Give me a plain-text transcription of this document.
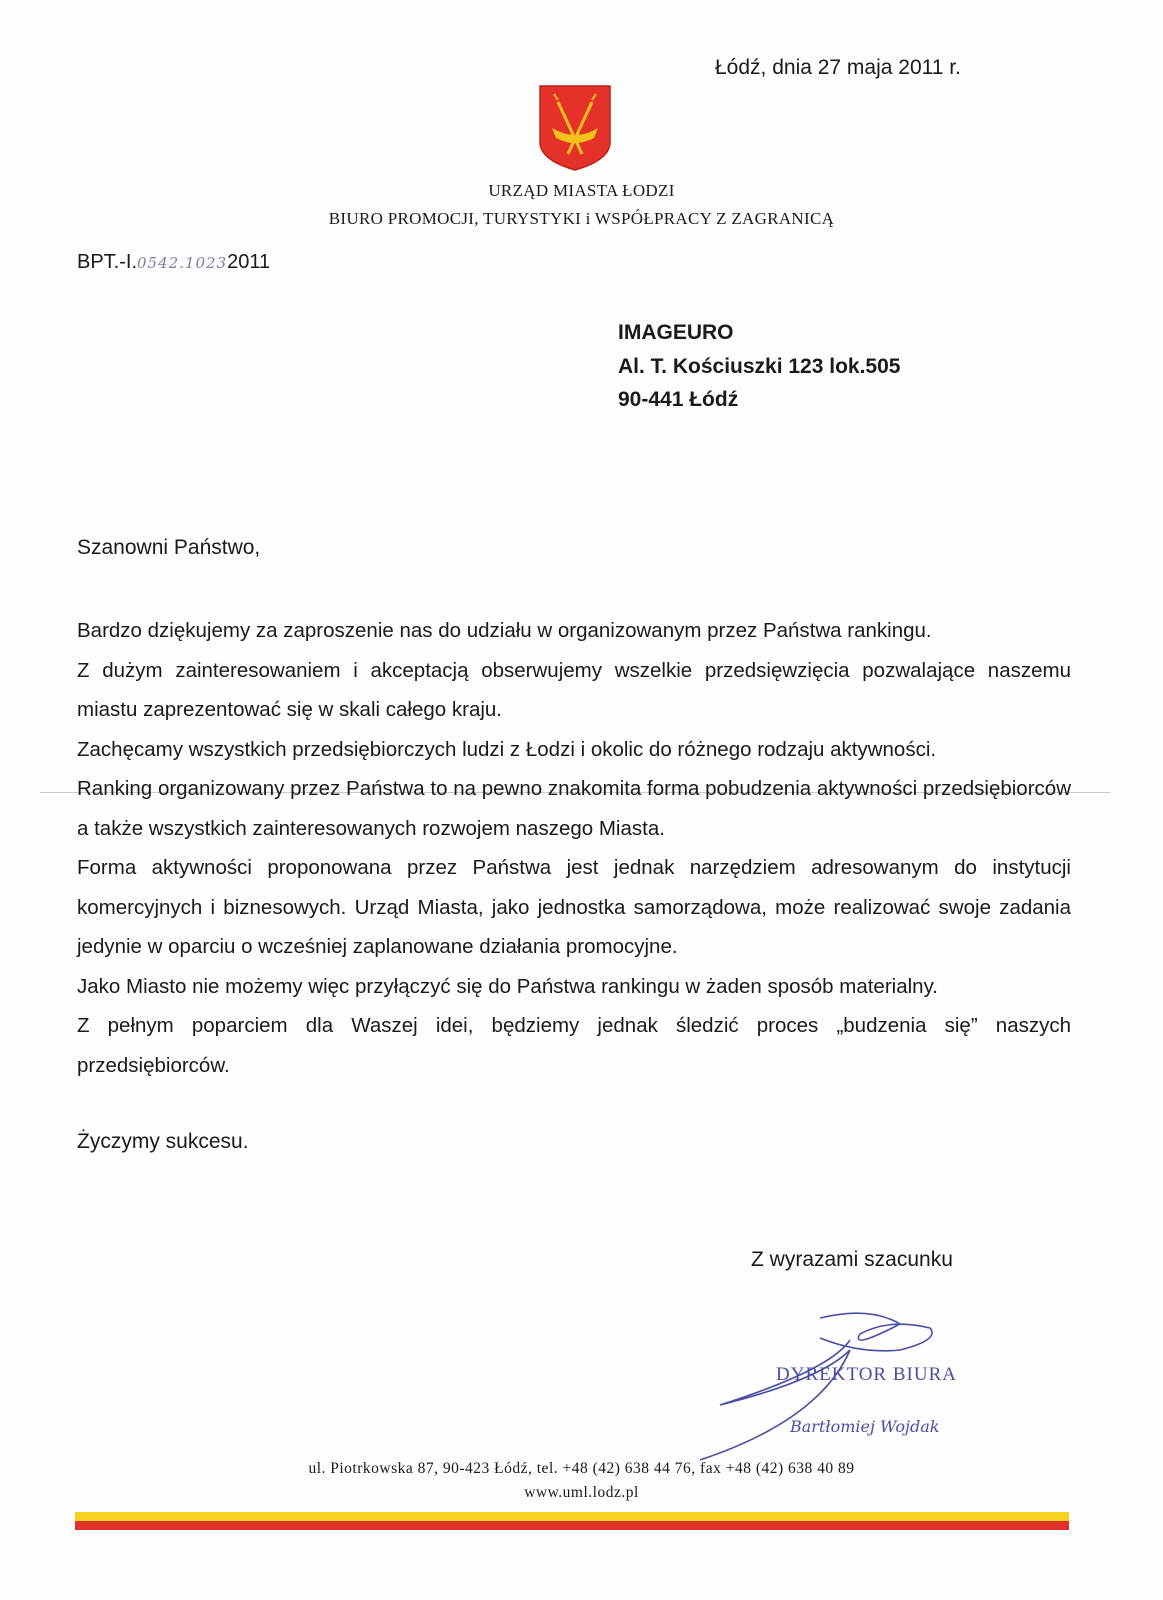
Łódź, dnia 27 maja 2011 r.
URZĄD MIASTA ŁODZI
BIURO PROMOCJI, TURYSTYKI i WSPÓŁPRACY Z ZAGRANICĄ
BPT.-I.0542.10232011
IMAGEURO
Al. T. Kościuszki 123 lok.505
90-441 Łódź
Szanowni Państwo,

Bardzo dziękujemy za zaproszenie nas do udziału w organizowanym przez Państwa rankingu.

Z dużym zainteresowaniem i akceptacją obserwujemy wszelkie przedsięwzięcia pozwalające naszemu miastu zaprezentować się w skali całego kraju.

Zachęcamy wszystkich przedsiębiorczych ludzi z Łodzi i okolic do różnego rodzaju aktywności.

Ranking organizowany przez Państwa to na pewno znakomita forma pobudzenia aktywności przedsiębiorców a także wszystkich zainteresowanych rozwojem naszego Miasta.

Forma aktywności proponowana przez Państwa jest jednak narzędziem adresowanym do instytucji komercyjnych i biznesowych. Urząd Miasta, jako jednostka samorządowa, może realizować swoje zadania jedynie w oparciu o wcześniej zaplanowane działania promocyjne.

Jako Miasto nie możemy więc przyłączyć się do Państwa rankingu w żaden sposób materialny.

Z pełnym poparciem dla Waszej idei, będziemy jednak śledzić proces „budzenia się” naszych przedsiębiorców.

Życzymy sukcesu.
Z wyrazami szacunku
DYREKTOR BIURA
Bartłomiej Wojdak
ul. Piotrkowska 87, 90-423 Łódź, tel. +48 (42) 638 44 76, fax +48 (42) 638 40 89
www.uml.lodz.pl
